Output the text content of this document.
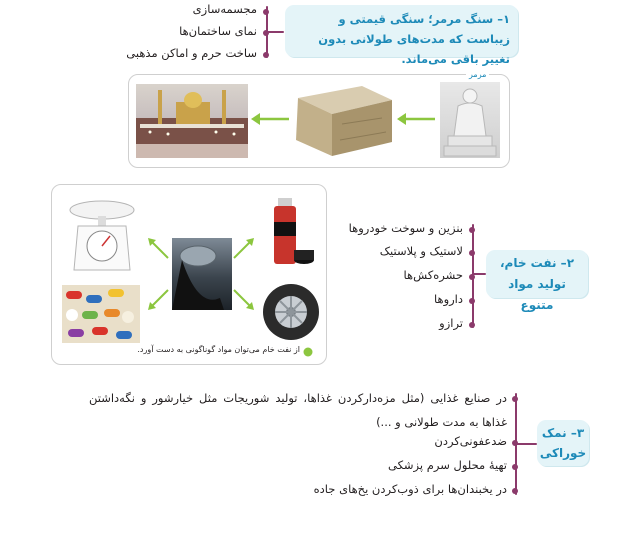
مجسمه‌سازی
نمای ساختمان‌ها
ساخت حرم و اماکن مذهبی
۱– سنگ مرمر؛ سنگی قیمتی و زیباست که مدت‌های طولانی بدون تغییر باقی می‌ماند.
مرمر
از نفت خام می‌توان مواد گوناگونی به دست آورد.
بنزین و سوخت خودروها
لاستیک و پلاستیک
حشره‌کش‌ها
داروها
ترازو
۲– نفت خام، تولید مواد متنوع
در صنایع غذایی (مثل مزه‌دارکردن غذاها، تولید شوریجات مثل خیارشور و نگه‌داشتن غذاها به مدت طولانی و ...)
ضدعفونی‌کردن
تهیهٔ محلول سرم پزشکی
در یخبندان‌ها برای ذوب‌کردن یخ‌های جاده
۳– نمک خوراکی
